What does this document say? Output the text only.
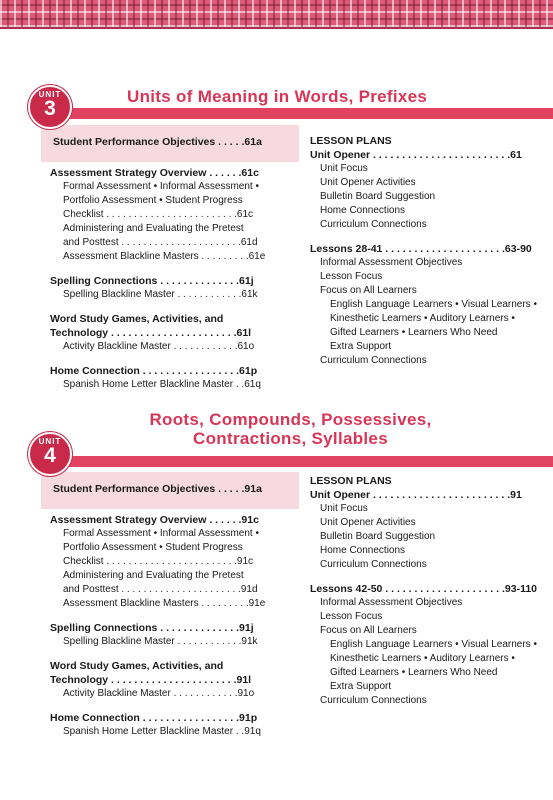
Units of Meaning in Words, Prefixes
UNIT
3
Student Performance Objectives . . . . .61a
Assessment Strategy Overview . . . . . .61c
Formal Assessment • Informal Assessment •
Portfolio Assessment • Student Progress
Checklist . . . . . . . . . . . . . . . . . . . . . . . .61c
Administering and Evaluating the Pretest
and Posttest . . . . . . . . . . . . . . . . . . . . . .61d
Assessment Blackline Masters . . . . . . . . .61e
Spelling Connections . . . . . . . . . . . . . .61j
Spelling Blackline Master . . . . . . . . . . . .61k
Word Study Games, Activities, and
Technology . . . . . . . . . . . . . . . . . . . . . .61l
Activity Blackline Master . . . . . . . . . . . .61o
Home Connection . . . . . . . . . . . . . . . . .61p
Spanish Home Letter Blackline Master . .61q
LESSON PLANS
Unit Opener . . . . . . . . . . . . . . . . . . . . . . . .61
Unit Focus
Unit Opener Activities
Bulletin Board Suggestion
Home Connections
Curriculum Connections
Lessons 28-41 . . . . . . . . . . . . . . . . . . . . .63-90
Informal Assessment Objectives
Lesson Focus
Focus on All Learners
English Language Learners • Visual Learners •
Kinesthetic Learners • Auditory Learners •
Gifted Learners • Learners Who Need
Extra Support
Curriculum Connections
Roots, Compounds, Possessives,
Contractions, Syllables
UNIT
4
Student Performance Objectives . . . . .91a
Assessment Strategy Overview . . . . . .91c
Formal Assessment • Informal Assessment •
Portfolio Assessment • Student Progress
Checklist . . . . . . . . . . . . . . . . . . . . . . . .91c
Administering and Evaluating the Pretest
and Posttest . . . . . . . . . . . . . . . . . . . . . .91d
Assessment Blackline Masters . . . . . . . . .91e
Spelling Connections . . . . . . . . . . . . . .91j
Spelling Blackline Master . . . . . . . . . . . .91k
Word Study Games, Activities, and
Technology . . . . . . . . . . . . . . . . . . . . . .91l
Activity Blackline Master . . . . . . . . . . . .91o
Home Connection . . . . . . . . . . . . . . . . .91p
Spanish Home Letter Blackline Master . .91q
LESSON PLANS
Unit Opener . . . . . . . . . . . . . . . . . . . . . . . .91
Unit Focus
Unit Opener Activities
Bulletin Board Suggestion
Home Connections
Curriculum Connections
Lessons 42-50 . . . . . . . . . . . . . . . . . . . . .93-110
Informal Assessment Objectives
Lesson Focus
Focus on All Learners
English Language Learners • Visual Learners •
Kinesthetic Learners • Auditory Learners •
Gifted Learners • Learners Who Need
Extra Support
Curriculum Connections
